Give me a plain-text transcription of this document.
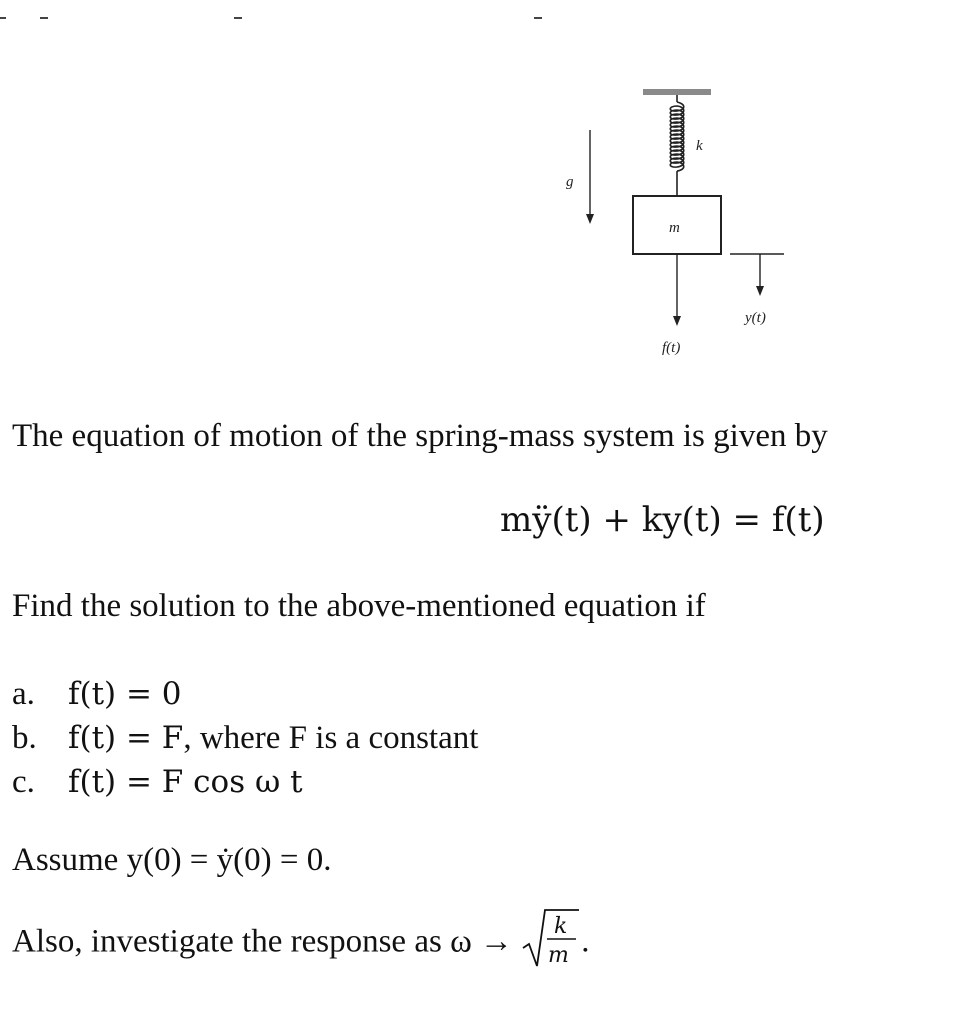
k
g
m
f(t)
y(t)
The equation of motion of the spring-mass system is given by
mÿ(t) + ky(t) = f(t)
Find the solution to the above-mentioned equation if
a. f(t) = 0
b. f(t) = F, where F is a constant
c. f(t) = F cos ω t
Assume y(0) = ẏ(0) = 0.
Also, investigate the response as ω → k
m .
